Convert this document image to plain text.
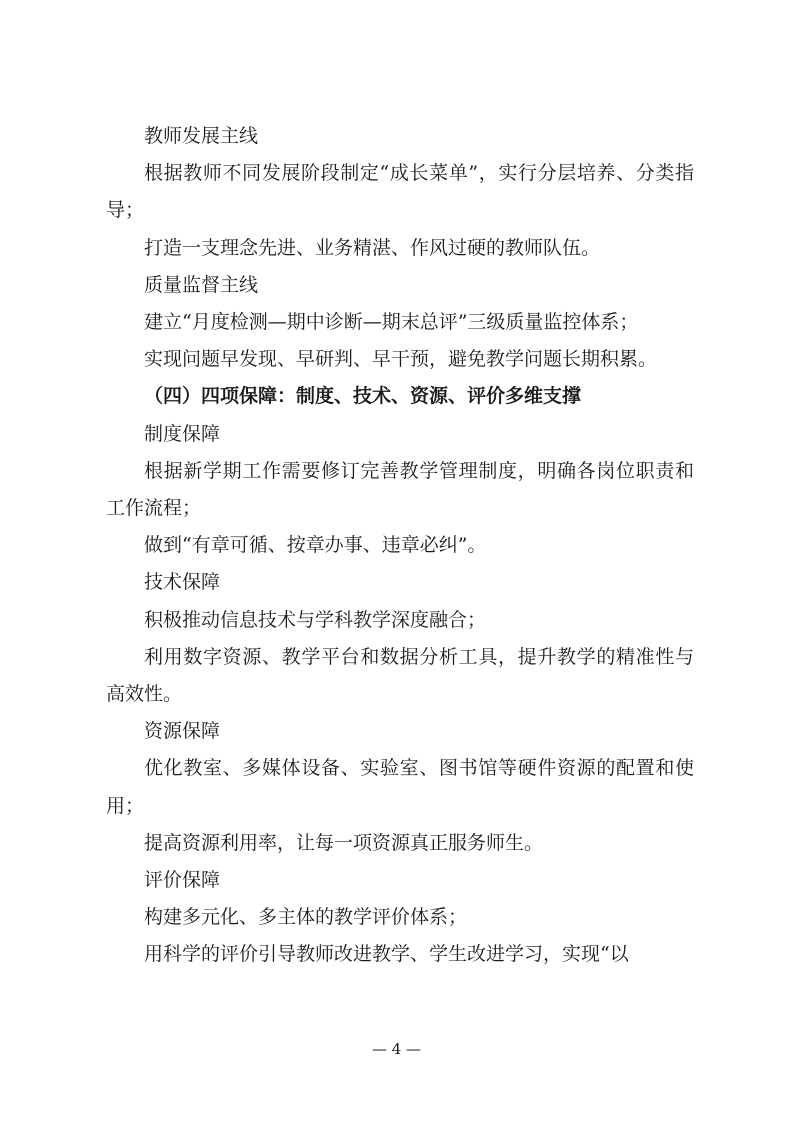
教师发展主线

根据教师不同发展阶段制定“成长菜单”，实行分层培养、分类指导；

打造一支理念先进、业务精湛、作风过硬的教师队伍。

质量监督主线

建立“月度检测—期中诊断—期末总评”三级质量监控体系；

实现问题早发现、早研判、早干预，避免教学问题长期积累。

（四）四项保障：制度、技术、资源、评价多维支撑

制度保障

根据新学期工作需要修订完善教学管理制度，明确各岗位职责和工作流程；

做到“有章可循、按章办事、违章必纠”。

技术保障

积极推动信息技术与学科教学深度融合；

利用数字资源、教学平台和数据分析工具，提升教学的精准性与高效性。

资源保障

优化教室、多媒体设备、实验室、图书馆等硬件资源的配置和使用；

提高资源利用率，让每一项资源真正服务师生。

评价保障

构建多元化、多主体的教学评价体系；

用科学的评价引导教师改进教学、学生改进学习，实现“以

— 4 —
